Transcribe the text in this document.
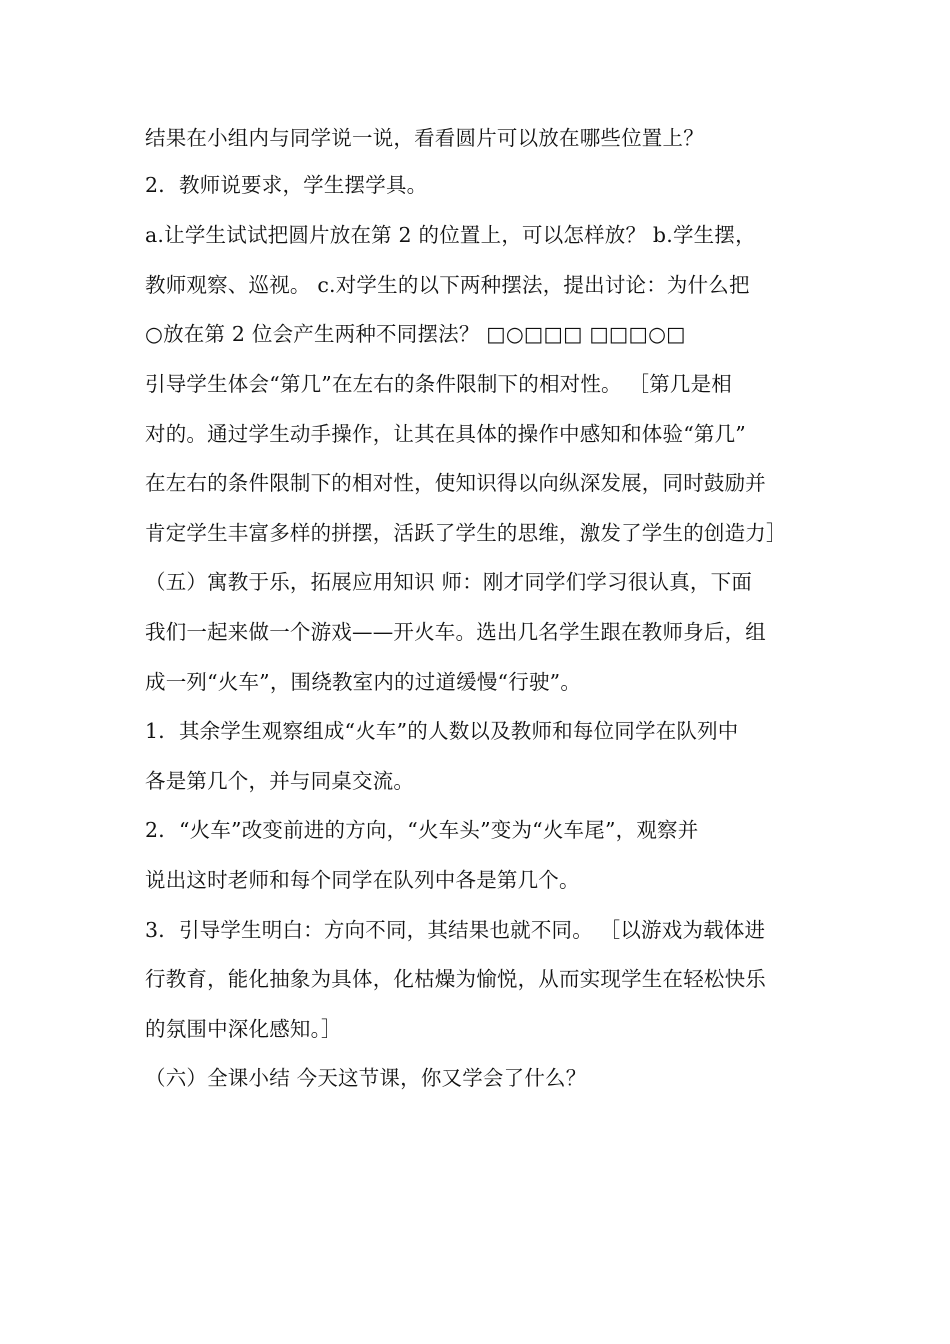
结果在小组内与同学说一说，看看圆片可以放在哪些位置上？
2．教师说要求，学生摆学具。
a.让学生试试把圆片放在第 2 的位置上，可以怎样放？ b.学生摆，
教师观察、巡视。 c.对学生的以下两种摆法，提出讨论：为什么把
○放在第 2 位会产生两种不同摆法？ □○□□□ □□□○□
引导学生体会“第几”在左右的条件限制下的相对性。 ［第几是相
对的。通过学生动手操作，让其在具体的操作中感知和体验“第几”
在左右的条件限制下的相对性，使知识得以向纵深发展，同时鼓励并
肯定学生丰富多样的拼摆，活跃了学生的思维，激发了学生的创造力］
（五）寓教于乐，拓展应用知识 师：刚才同学们学习很认真，下面
我们一起来做一个游戏——开火车。选出几名学生跟在教师身后，组
成一列“火车”，围绕教室内的过道缓慢“行驶”。
1．其余学生观察组成“火车”的人数以及教师和每位同学在队列中
各是第几个，并与同桌交流。
2．“火车”改变前进的方向，“火车头”变为“火车尾”，观察并
说出这时老师和每个同学在队列中各是第几个。
3．引导学生明白：方向不同，其结果也就不同。 ［以游戏为载体进
行教育，能化抽象为具体，化枯燥为愉悦，从而实现学生在轻松快乐
的氛围中深化感知。］
（六）全课小结 今天这节课，你又学会了什么？
